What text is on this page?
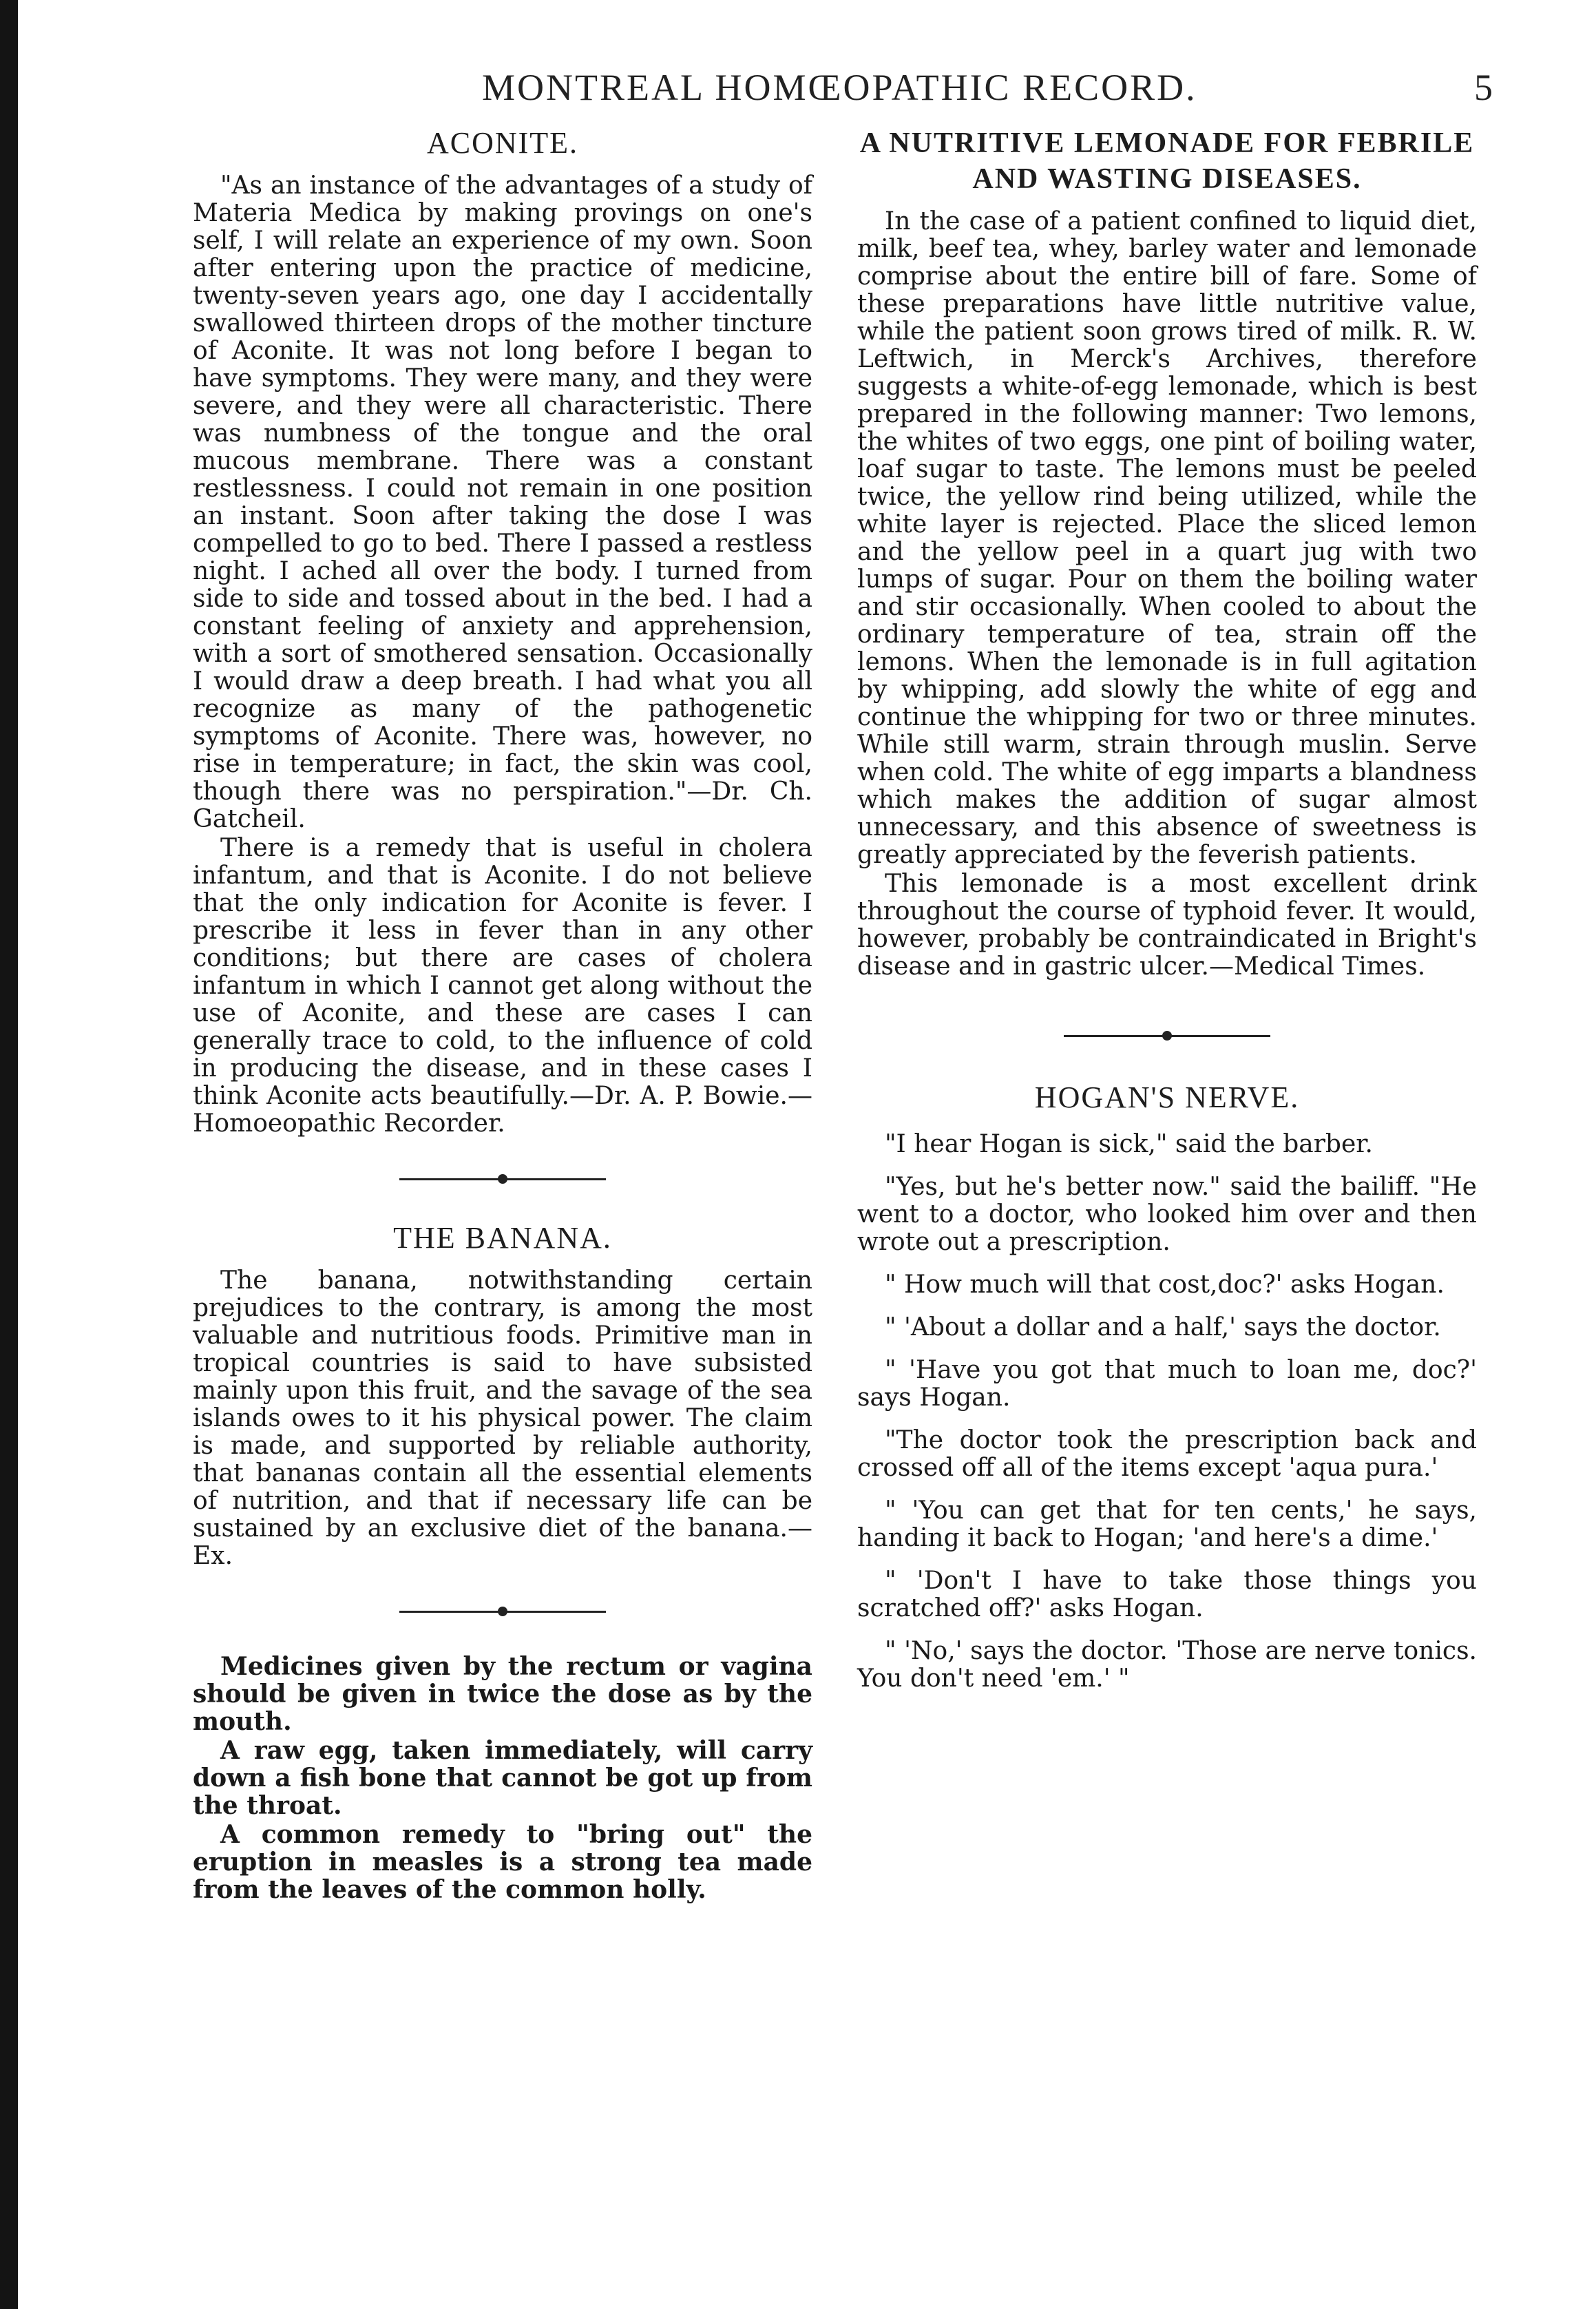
MONTREAL HOMŒOPATHIC RECORD.	5
ACONITE.

"As an instance of the advantages of a study of Materia Medica by making provings on one's self, I will relate an experience of my own. Soon after entering upon the practice of medicine, twenty-seven years ago, one day I accidentally swallowed thirteen drops of the mother tincture of Aconite. It was not long before I began to have symptoms. They were many, and they were severe, and they were all characteristic. There was numbness of the tongue and the oral mucous membrane. There was a constant restlessness. I could not remain in one position an instant. Soon after taking the dose I was compelled to go to bed. There I passed a restless night. I ached all over the body. I turned from side to side and tossed about in the bed. I had a constant feeling of anxiety and apprehension, with a sort of smothered sensation. Occasionally I would draw a deep breath. I had what you all recognize as many of the pathogenetic symptoms of Aconite. There was, however, no rise in temperature; in fact, the skin was cool, though there was no perspiration."—Dr. Ch. Gatcheil.

There is a remedy that is useful in cholera infantum, and that is Aconite. I do not believe that the only indication for Aconite is fever. I prescribe it less in fever than in any other conditions; but there are cases of cholera infantum in which I cannot get along without the use of Aconite, and these are cases I can generally trace to cold, to the influence of cold in producing the disease, and in these cases I think Aconite acts beautifully.—Dr. A. P. Bowie.—Homoeopathic Recorder.

THE BANANA.

The banana, notwithstanding certain prejudices to the contrary, is among the most valuable and nutritious foods. Primitive man in tropical countries is said to have subsisted mainly upon this fruit, and the savage of the sea islands owes to it his physical power. The claim is made, and supported by reliable authority, that bananas contain all the essential elements of nutrition, and that if necessary life can be sustained by an exclusive diet of the banana.—Ex.

Medicines given by the rectum or vagina should be given in twice the dose as by the mouth.

A raw egg, taken immediately, will carry down a fish bone that cannot be got up from the throat.

A common remedy to "bring out" the eruption in measles is a strong tea made from the leaves of the common holly.

A NUTRITIVE LEMONADE FOR FEBRILE AND WASTING DISEASES.

In the case of a patient confined to liquid diet, milk, beef tea, whey, barley water and lemonade comprise about the entire bill of fare. Some of these preparations have little nutritive value, while the patient soon grows tired of milk. R. W. Leftwich, in Merck's Archives, therefore suggests a white-of-egg lemonade, which is best prepared in the following manner: Two lemons, the whites of two eggs, one pint of boiling water, loaf sugar to taste. The lemons must be peeled twice, the yellow rind being utilized, while the white layer is rejected. Place the sliced lemon and the yellow peel in a quart jug with two lumps of sugar. Pour on them the boiling water and stir occasionally. When cooled to about the ordinary temperature of tea, strain off the lemons. When the lemonade is in full agitation by whipping, add slowly the white of egg and continue the whipping for two or three minutes. While still warm, strain through muslin. Serve when cold. The white of egg imparts a blandness which makes the addition of sugar almost unnecessary, and this absence of sweetness is greatly appreciated by the feverish patients.

This lemonade is a most excellent drink throughout the course of typhoid fever. It would, however, probably be contraindicated in Bright's disease and in gastric ulcer.—Medical Times.

HOGAN'S NERVE.

"I hear Hogan is sick," said the barber.

"Yes, but he's better now." said the bailiff. "He went to a doctor, who looked him over and then wrote out a prescription.

" How much will that cost,doc?' asks Hogan.

" 'About a dollar and a half,' says the doctor.

" 'Have you got that much to loan me, doc?' says Hogan.

"The doctor took the prescription back and crossed off all of the items except 'aqua pura.'

" 'You can get that for ten cents,' he says, handing it back to Hogan; 'and here's a dime.'

" 'Don't I have to take those things you scratched off?' asks Hogan.

" 'No,' says the doctor. 'Those are nerve tonics. You don't need 'em.' "
